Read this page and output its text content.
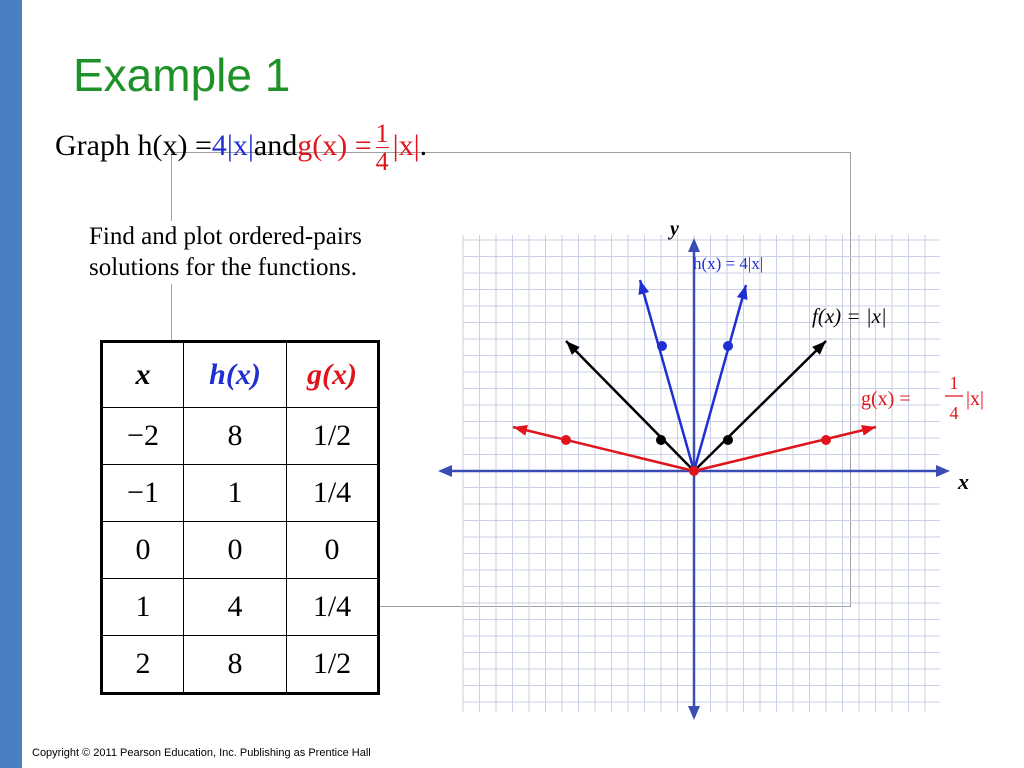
Example 1
Graph h(x) =4|x|andg(x) = $\frac{1}{4} |x|$.
Find and plot ordered-pairs solutions for the functions.
x	h(x)	g(x)
−2	8	1/2
−1	1	1/4
0	0	0
1	4	1/4
2	8	1/2
x
y
h(x) = 4|x|
f(x) = |x|
g(x) =
1
4
|x|
Copyright © 2011 Pearson Education, Inc. Publishing as Prentice Hall
